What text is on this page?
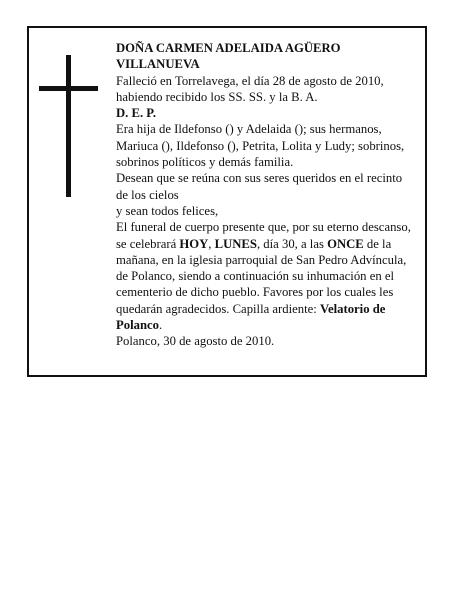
DOÑA CARMEN ADELAIDA AGÜERO VILLANUEVA

Falleció en Torrelavega, el día 28 de agosto de 2010, habiendo recibido los SS. SS. y la B. A.

D. E. P.

Era hija de Ildefonso () y Adelaida (); sus hermanos, Mariuca (), Ildefonso (), Petrita, Lolita y Ludy; sobrinos, sobrinos políticos y demás familia.

Desean que se reúna con sus seres queridos en el recinto de los cielos

y sean todos felices,

El funeral de cuerpo presente que, por su eterno descanso, se celebrará HOY, LUNES, día 30, a las ONCE de la mañana, en la iglesia parroquial de San Pedro Advíncula, de Polanco, siendo a continuación su inhumación en el cementerio de dicho pueblo. Favores por los cuales les quedarán agradecidos. Capilla ardiente: Velatorio de Polanco.

Polanco, 30 de agosto de 2010.
